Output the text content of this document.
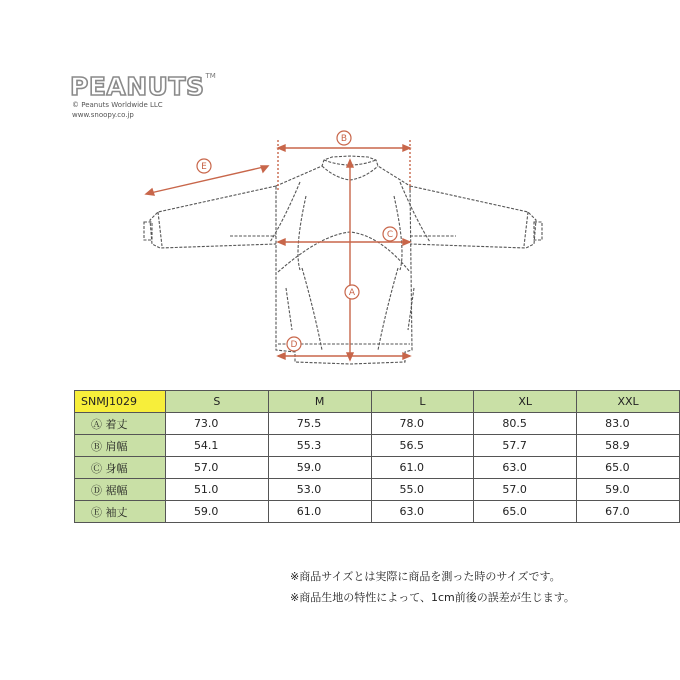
PEANUTS™
© Peanuts Worldwide LLC
www.snoopy.co.jp
B
E
C
A
D
SNMJ1029	S	M	L	XL	XXL
Ⓐ 着丈	73.0	75.5	78.0	80.5	83.0
Ⓑ 肩幅	54.1	55.3	56.5	57.7	58.9
Ⓒ 身幅	57.0	59.0	61.0	63.0	65.0
Ⓓ 裾幅	51.0	53.0	55.0	57.0	59.0
Ⓔ 袖丈	59.0	61.0	63.0	65.0	67.0
※商品サイズとは実際に商品を測った時のサイズです。
※商品生地の特性によって、1cm前後の誤差が生じます。
